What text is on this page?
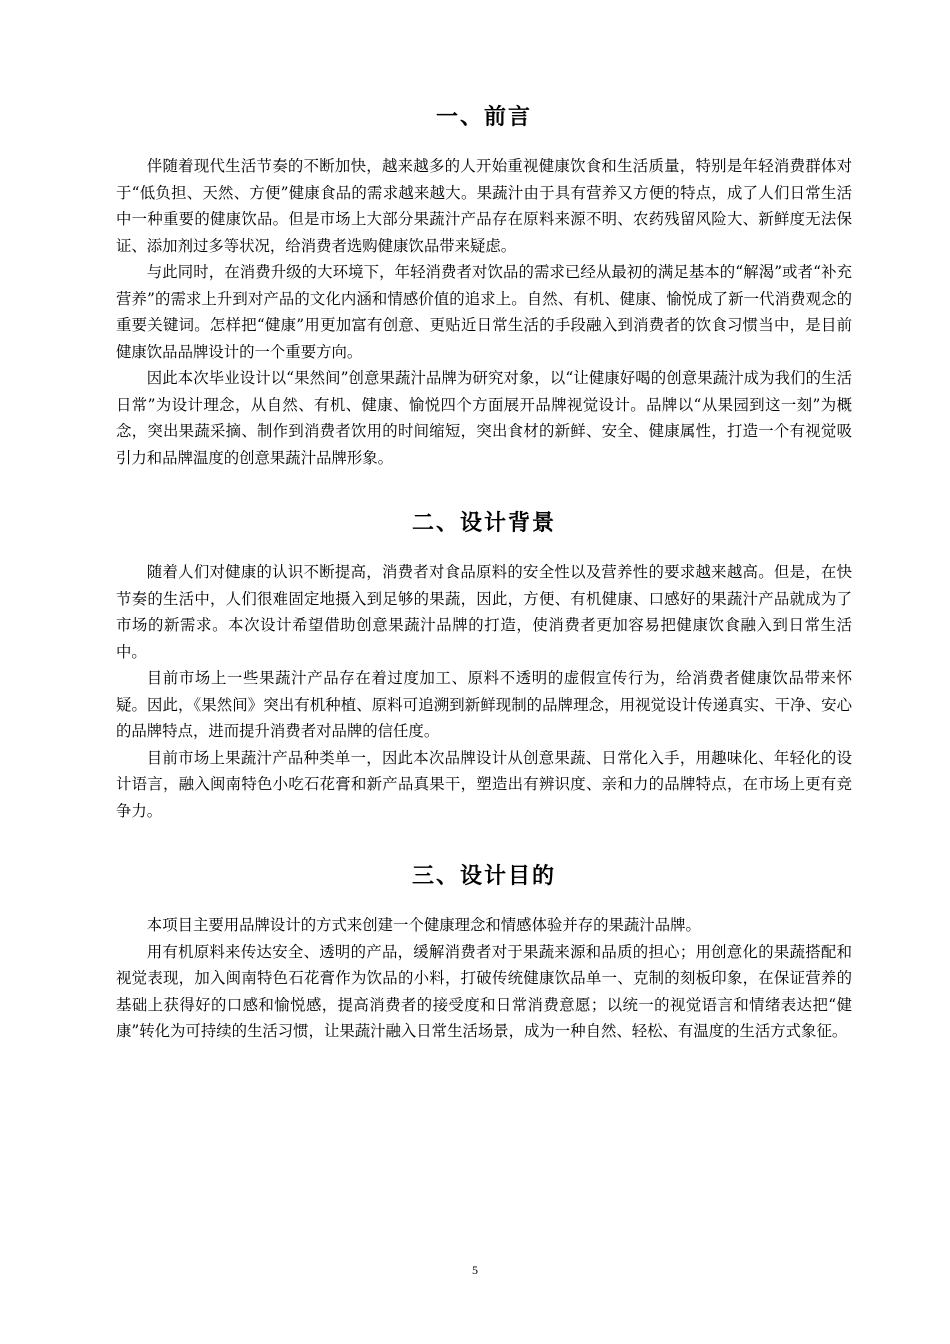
一、前言

伴随着现代生活节奏的不断加快，越来越多的人开始重视健康饮食和生活质量，特别是年轻消费群体对于“低负担、天然、方便”健康食品的需求越来越大。果蔬汁由于具有营养又方便的特点，成了人们日常生活中一种重要的健康饮品。但是市场上大部分果蔬汁产品存在原料来源不明、农药残留风险大、新鲜度无法保证、添加剂过多等状况，给消费者选购健康饮品带来疑虑。

与此同时，在消费升级的大环境下，年轻消费者对饮品的需求已经从最初的满足基本的“解渴”或者“补充营养”的需求上升到对产品的文化内涵和情感价值的追求上。自然、有机、健康、愉悦成了新一代消费观念的重要关键词。怎样把“健康”用更加富有创意、更贴近日常生活的手段融入到消费者的饮食习惯当中，是目前健康饮品品牌设计的一个重要方向。

因此本次毕业设计以“果然间”创意果蔬汁品牌为研究对象，以“让健康好喝的创意果蔬汁成为我们的生活日常”为设计理念，从自然、有机、健康、愉悦四个方面展开品牌视觉设计。品牌以“从果园到这一刻”为概念，突出果蔬采摘、制作到消费者饮用的时间缩短，突出食材的新鲜、安全、健康属性，打造一个有视觉吸引力和品牌温度的创意果蔬汁品牌形象。

二、设计背景

随着人们对健康的认识不断提高，消费者对食品原料的安全性以及营养性的要求越来越高。但是，在快节奏的生活中，人们很难固定地摄入到足够的果蔬，因此，方便、有机健康、口感好的果蔬汁产品就成为了市场的新需求。本次设计希望借助创意果蔬汁品牌的打造，使消费者更加容易把健康饮食融入到日常生活中。

目前市场上一些果蔬汁产品存在着过度加工、原料不透明的虚假宣传行为，给消费者健康饮品带来怀疑。因此，《果然间》突出有机种植、原料可追溯到新鲜现制的品牌理念，用视觉设计传递真实、干净、安心的品牌特点，进而提升消费者对品牌的信任度。

目前市场上果蔬汁产品种类单一，因此本次品牌设计从创意果蔬、日常化入手，用趣味化、年轻化的设计语言，融入闽南特色小吃石花膏和新产品真果干，塑造出有辨识度、亲和力的品牌特点，在市场上更有竞争力。

三、设计目的

本项目主要用品牌设计的方式来创建一个健康理念和情感体验并存的果蔬汁品牌。

用有机原料来传达安全、透明的产品，缓解消费者对于果蔬来源和品质的担心；用创意化的果蔬搭配和视觉表现，加入闽南特色石花膏作为饮品的小料，打破传统健康饮品单一、克制的刻板印象，在保证营养的基础上获得好的口感和愉悦感，提高消费者的接受度和日常消费意愿；以统一的视觉语言和情绪表达把“健康”转化为可持续的生活习惯，让果蔬汁融入日常生活场景，成为一种自然、轻松、有温度的生活方式象征。

5
